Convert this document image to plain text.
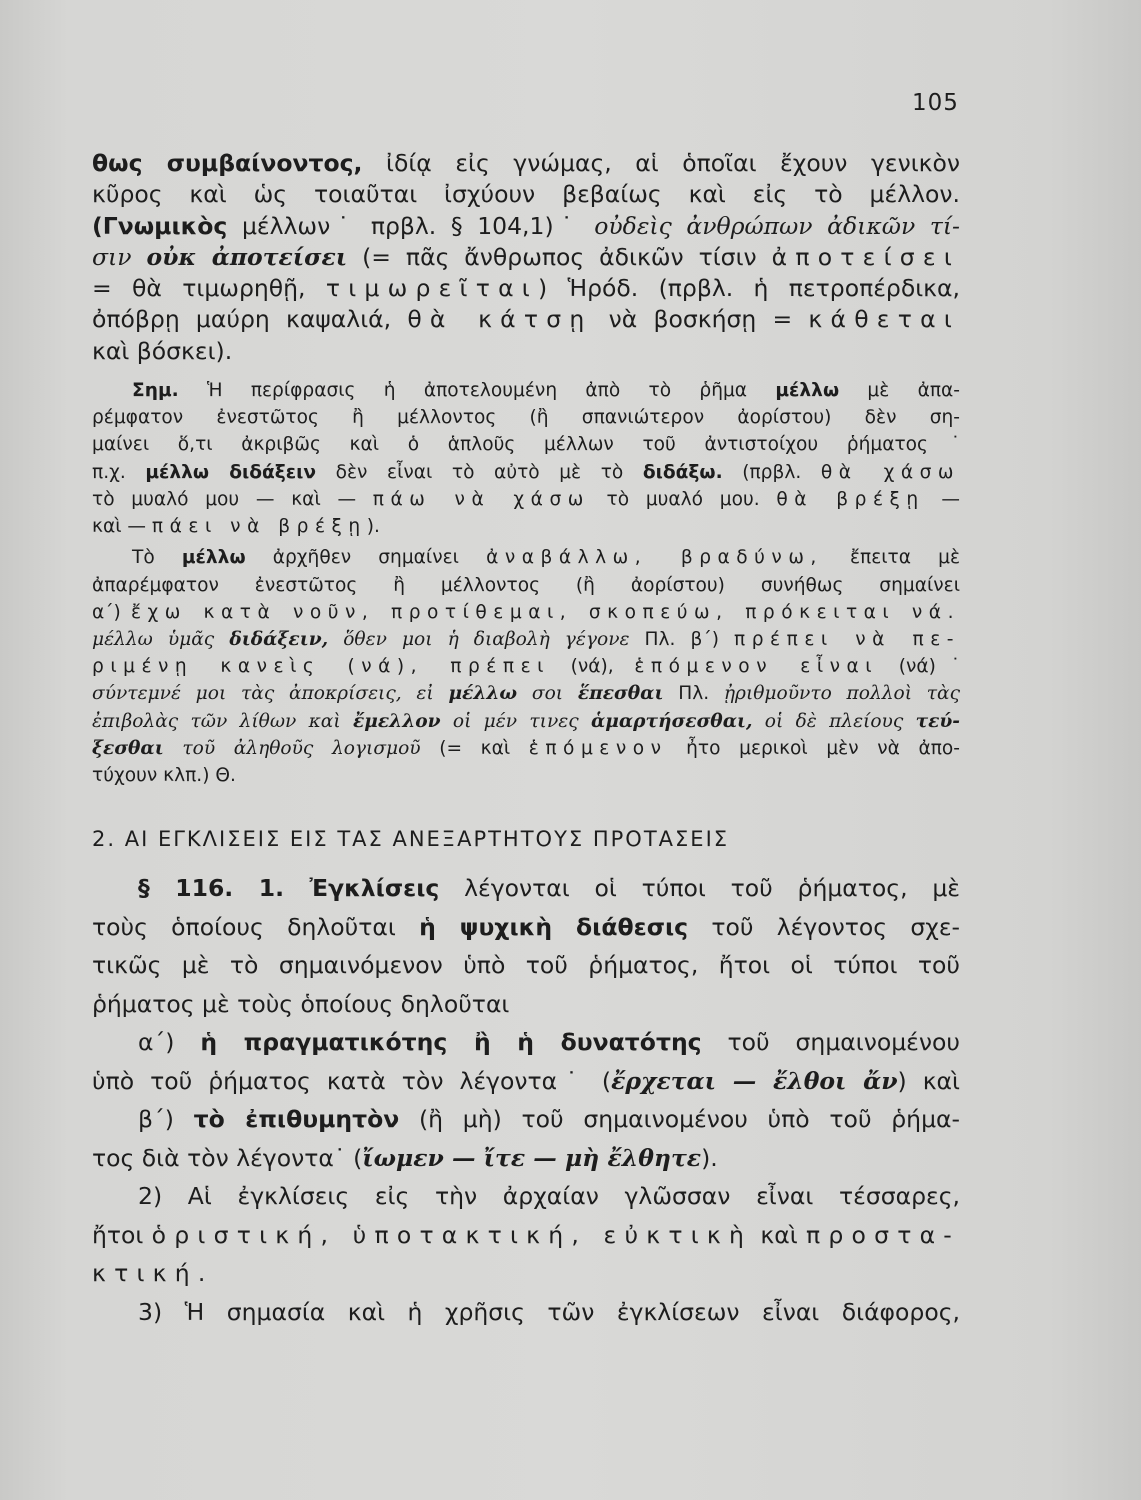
105

θως συμβαίνοντος, ἰδίᾳ εἰς γνώμας, αἱ ὁποῖαι ἔχουν γενικὸν

κῦρος καὶ ὡς τοιαῦται ἰσχύουν βεβαίως καὶ εἰς τὸ μέλλον.

(Γνωμικὸς μέλλων˙ πρβλ. § 104,1)˙ οὐδεὶς ἀνθρώπων ἀδικῶν τί-

σιν οὐκ ἀποτείσει (= πᾶς ἄνθρωπος ἀδικῶν τίσιν ἀποτείσει

= θὰ τιμωρηθῇ, τιμωρεῖται) Ἡρόδ. (πρβλ. ἡ πετροπέρδικα,

ὀπόβρῃ μαύρη καψαλιά, θὰ κάτσῃ νὰ βοσκήσῃ = κάθεται

καὶ βόσκει).

Σημ. Ἡ περίφρασις ἡ ἀποτελουμένη ἀπὸ τὸ ῥῆμα μέλλω μὲ ἀπα-

ρέμφατον ἐνεστῶτος ἢ μέλλοντος (ἢ σπανιώτερον ἀορίστου) δὲν ση-

μαίνει ὅ,τι ἀκριβῶς καὶ ὁ ἁπλοῦς μέλλων τοῦ ἀντιστοίχου ῥήματος˙

π.χ. μέλλω διδάξειν δὲν εἶναι τὸ αὐτὸ μὲ τὸ διδάξω. (πρβλ. θὰ χάσω

τὸ μυαλό μου — καὶ — πάω νὰ χάσω τὸ μυαλό μου. θὰ βρέξῃ —

καὶ — πάει νὰ βρέξῃ).

Τὸ μέλλω ἀρχῆθεν σημαίνει ἀναβάλλω, βραδύνω, ἔπειτα μὲ

ἀπαρέμφατον ἐνεστῶτος ἢ μέλλοντος (ἢ ἀορίστου) συνήθως σημαίνει

α΄) ἔχω κατὰ νοῦν, προτίθεμαι, σκοπεύω, πρόκειται νά.

μέλλω ὑμᾶς διδάξειν, ὅθεν μοι ἡ διαβολὴ γέγονε Πλ. β΄) πρέπει νὰ πε-

ριμένῃ κανεὶς (νά), πρέπει (νά), ἑπόμενον εἶναι (νά)˙

σύντεμνέ μοι τὰς ἀποκρίσεις, εἰ μέλλω σοι ἕπεσθαι Πλ. ᾐριθμοῦντο πολλοὶ τὰς

ἐπιβολὰς τῶν λίθων καὶ ἔμελλον οἱ μέν τινες ἁμαρτήσεσθαι, οἱ δὲ πλείους τεύ-

ξεσθαι τοῦ ἀληθοῦς λογισμοῦ (= καὶ ἑπόμενον ἦτο μερικοὶ μὲν νὰ ἀπο-

τύχουν κλπ.) Θ.

2. ΑΙ ΕΓΚΛΙΣΕΙΣ ΕΙΣ ΤΑΣ ΑΝΕΞΑΡΤΗΤΟΥΣ ΠΡΟΤΑΣΕΙΣ

§ 116. 1. Ἐγκλίσεις λέγονται οἱ τύποι τοῦ ῥήματος, μὲ

τοὺς ὁποίους δηλοῦται ἡ ψυχικὴ διάθεσις τοῦ λέγοντος σχε-

τικῶς μὲ τὸ σημαινόμενον ὑπὸ τοῦ ῥήματος, ἤτοι οἱ τύποι τοῦ

ῥήματος μὲ τοὺς ὁποίους δηλοῦται

α΄) ἡ πραγματικότης ἢ ἡ δυνατότης τοῦ σημαινομένου

ὑπὸ τοῦ ῥήματος κατὰ τὸν λέγοντα˙ (ἔρχεται — ἔλθοι ἄν) καὶ

β΄) τὸ ἐπιθυμητὸν (ἢ μὴ) τοῦ σημαινομένου ὑπὸ τοῦ ῥήμα-

τος διὰ τὸν λέγοντα˙ (ἴωμεν — ἴτε — μὴ ἔλθητε).

2) Αἱ ἐγκλίσεις εἰς τὴν ἀρχαίαν γλῶσσαν εἶναι τέσσαρες,

ἤτοι ὁριστική, ὑποτακτική, εὐκτικὴ καὶ προστα-

κτική.

3) Ἡ σημασία καὶ ἡ χρῆσις τῶν ἐγκλίσεων εἶναι διάφορος,
